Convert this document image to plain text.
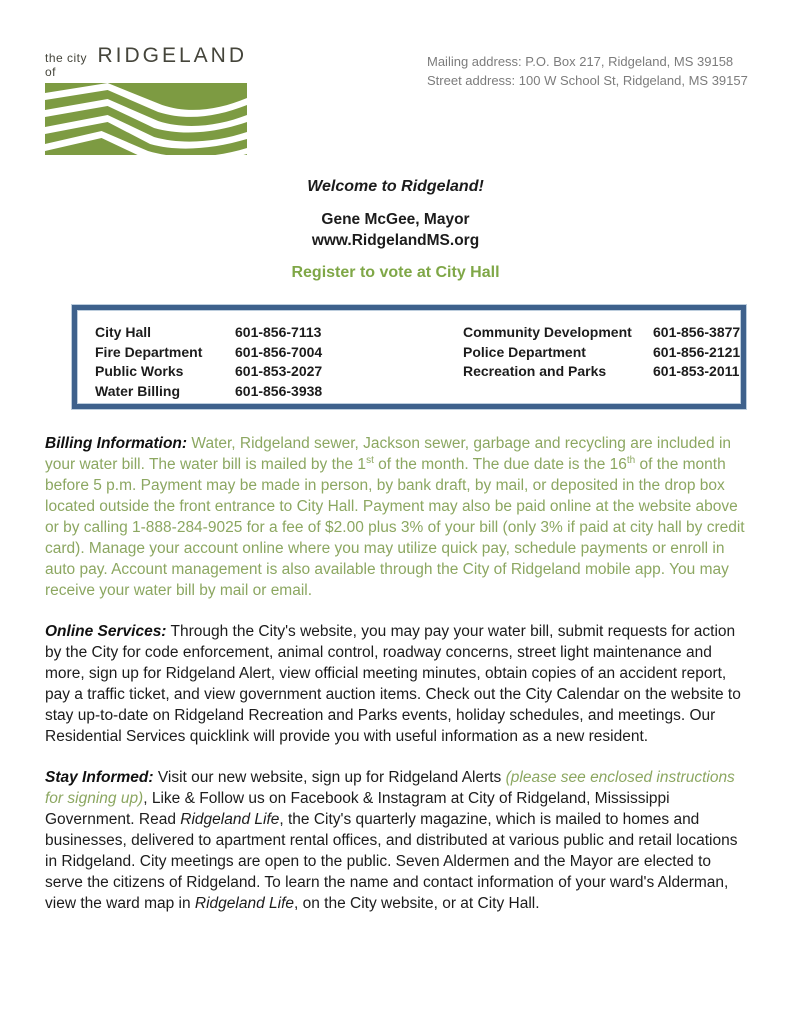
the city of
RIDGELAND	Mailing address: P.O. Box 217, Ridgeland, MS 39158
Street address: 100 W School St, Ridgeland, MS 39157
Welcome to Ridgeland!
Gene McGee, Mayor
www.RidgelandMS.org
Register to vote at City Hall
City Hall	601-856-7113
Fire Department	601-856-7004
Public Works	601-853-2027
Water Billing	601-856-3938
Community Development	601-856-3877
Police Department	601-856-2121
Recreation and Parks	601-853-2011

Billing Information: Water, Ridgeland sewer, Jackson sewer, garbage and recycling are included in your water bill. The water bill is mailed by the 1st of the month. The due date is the 16th of the month before 5 p.m. Payment may be made in person, by bank draft, by mail, or deposited in the drop box located outside the front entrance to City Hall. Payment may also be paid online at the website above or by calling 1-888-284-9025 for a fee of $2.00 plus 3% of your bill (only 3% if paid at city hall by credit card). Manage your account online where you may utilize quick pay, schedule payments or enroll in auto pay. Account management is also available through the City of Ridgeland mobile app. You may receive your water bill by mail or email.

Online Services: Through the City's website, you may pay your water bill, submit requests for action by the City for code enforcement, animal control, roadway concerns, street light maintenance and more, sign up for Ridgeland Alert, view official meeting minutes, obtain copies of an accident report, pay a traffic ticket, and view government auction items. Check out the City Calendar on the website to stay up-to-date on Ridgeland Recreation and Parks events, holiday schedules, and meetings. Our Residential Services quicklink will provide you with useful information as a new resident.

Stay Informed: Visit our new website, sign up for Ridgeland Alerts (please see enclosed instructions for signing up), Like & Follow us on Facebook & Instagram at City of Ridgeland, Mississippi Government. Read Ridgeland Life, the City's quarterly magazine, which is mailed to homes and businesses, delivered to apartment rental offices, and distributed at various public and retail locations in Ridgeland. City meetings are open to the public. Seven Aldermen and the Mayor are elected to serve the citizens of Ridgeland. To learn the name and contact information of your ward's Alderman, view the ward map in Ridgeland Life, on the City website, or at City Hall.
